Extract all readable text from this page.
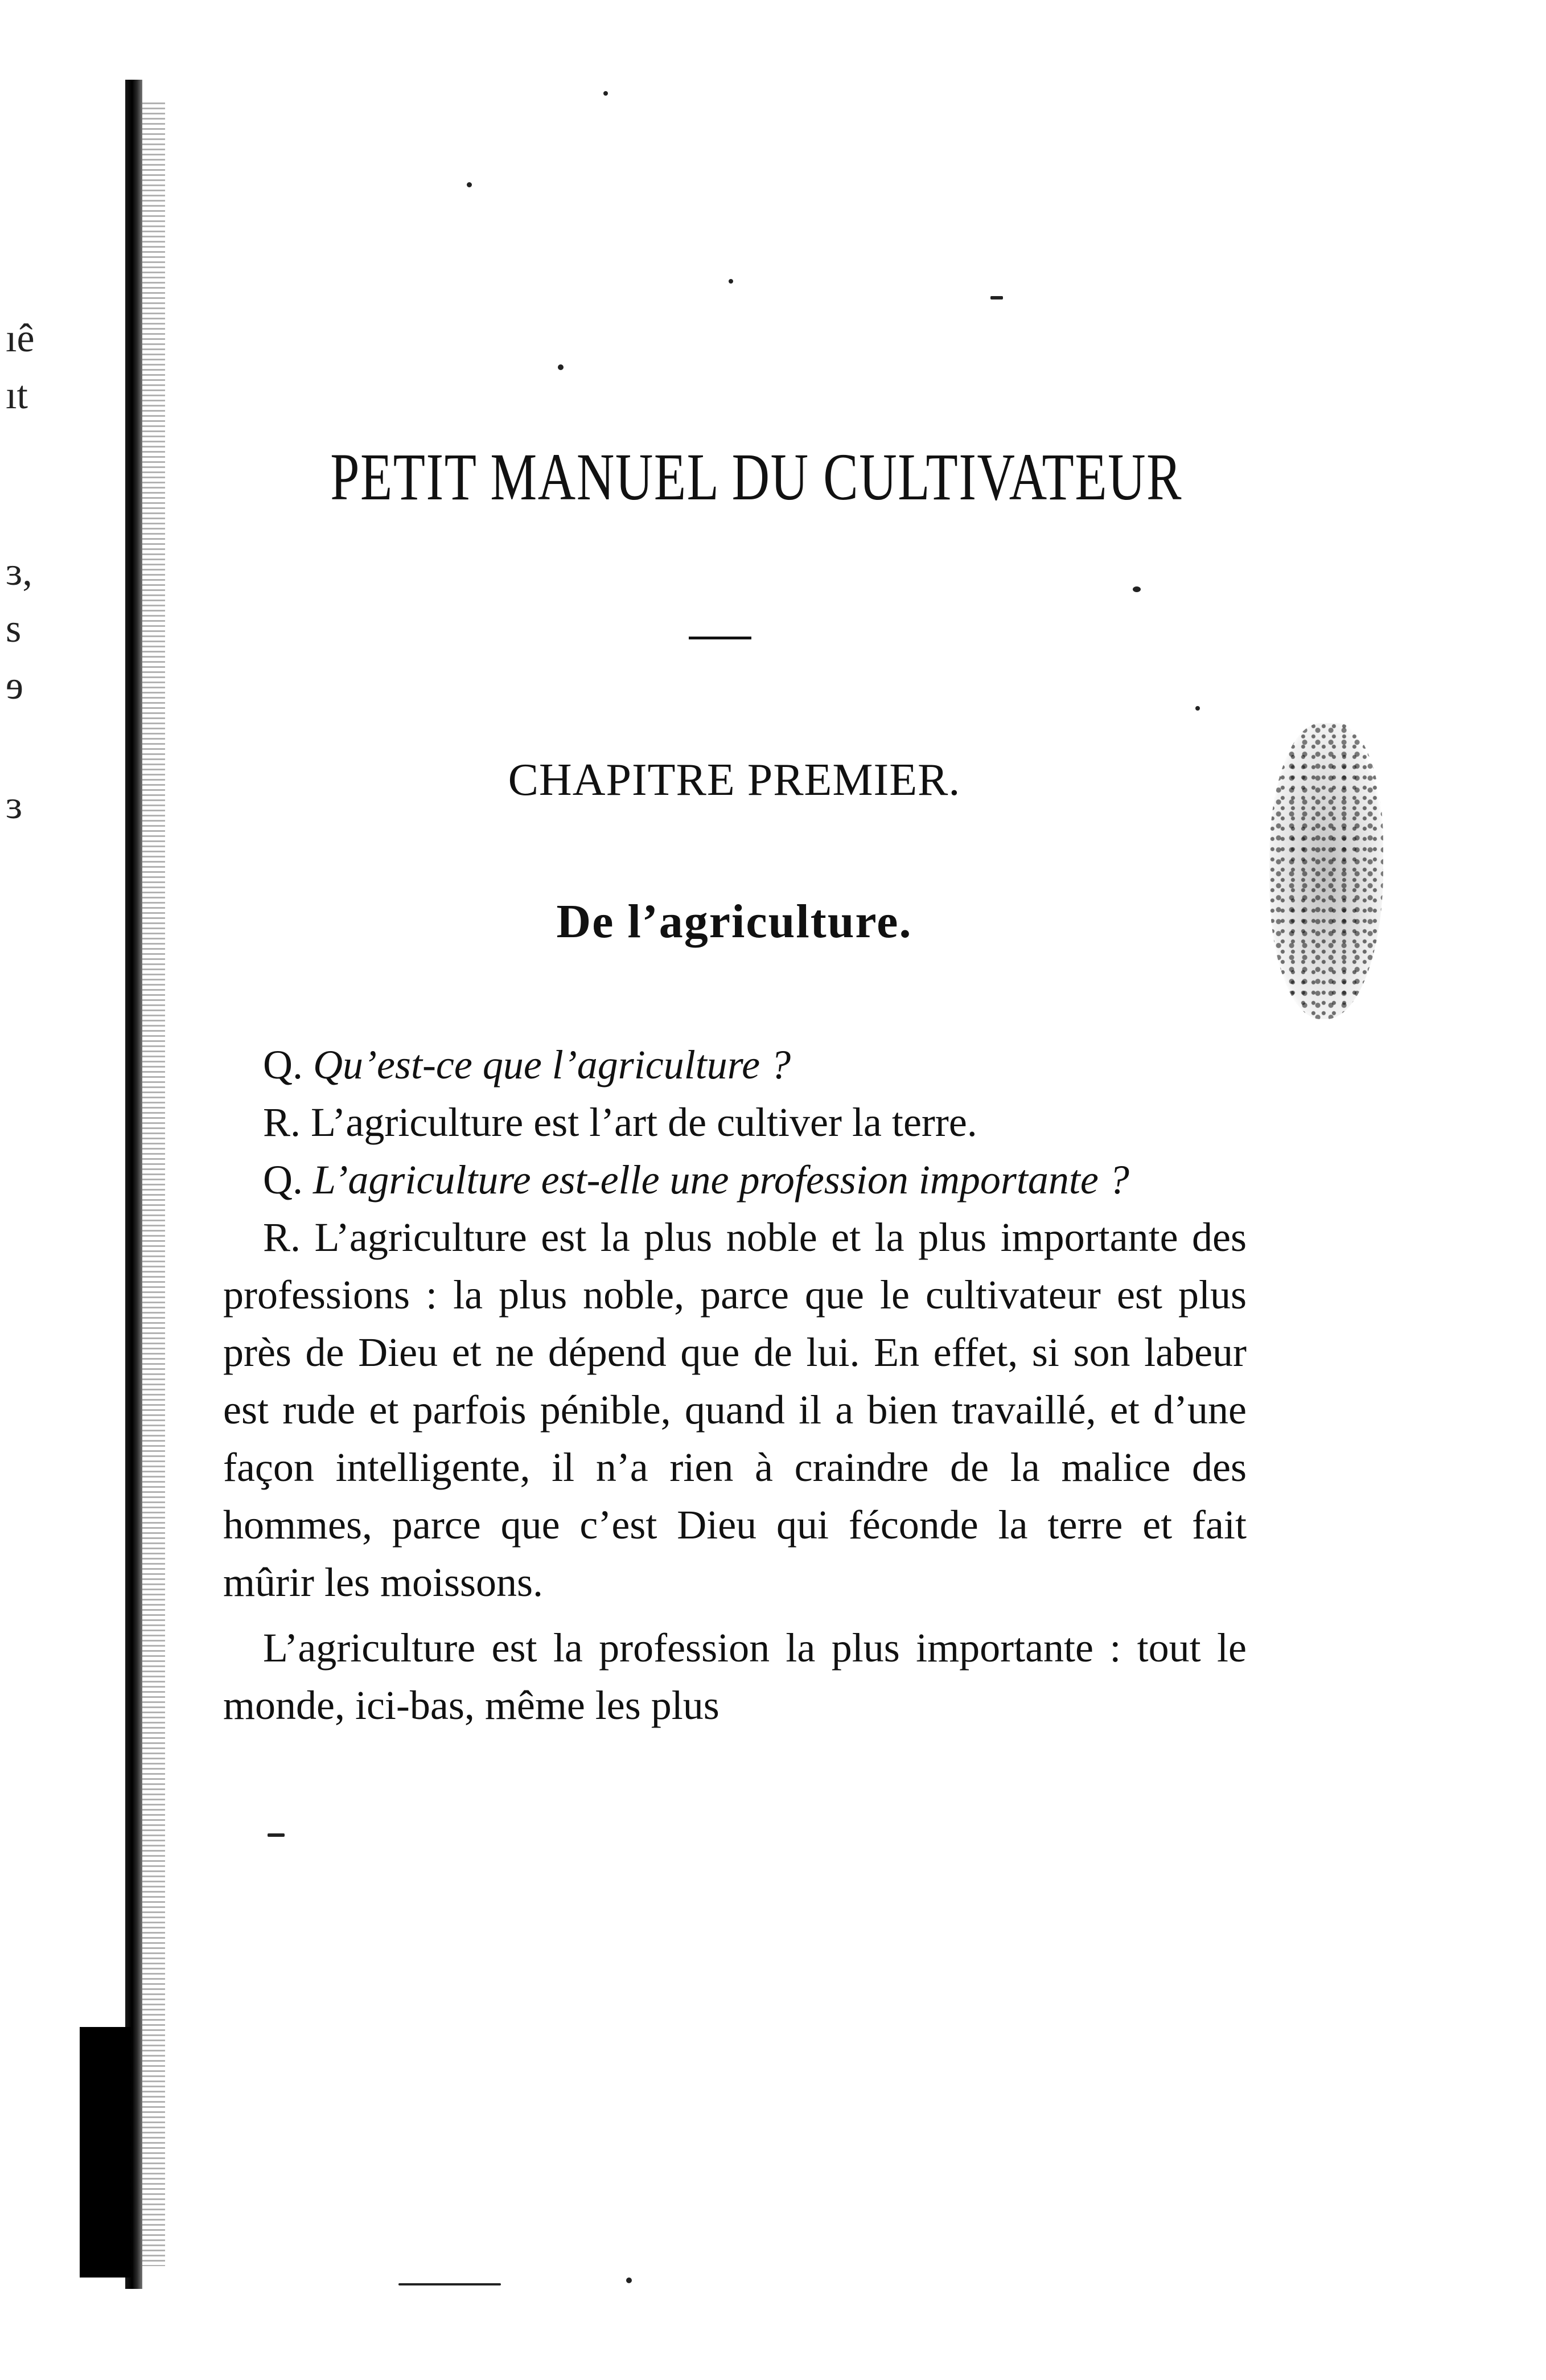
ıê
ıt
ɜ,
s
ɘ
ɜ
PETIT MANUEL DU CULTIVATEUR
CHAPITRE PREMIER.
De l’agriculture.

Q. Qu’est-ce que l’agriculture ?

R. L’agriculture est l’art de cultiver la terre.

Q. L’agriculture est-elle une profession importante ?

R. L’agriculture est la plus noble et la plus importante des professions : la plus noble, parce que le cultivateur est plus près de Dieu et ne dépend que de lui. En effet, si son labeur est rude et parfois pénible, quand il a bien travaillé, et d’une façon intelligente, il n’a rien à craindre de la malice des hommes, parce que c’est Dieu qui féconde la terre et fait mûrir les moissons.

L’agriculture est la profession la plus importante : tout le monde, ici-bas, même les plus
